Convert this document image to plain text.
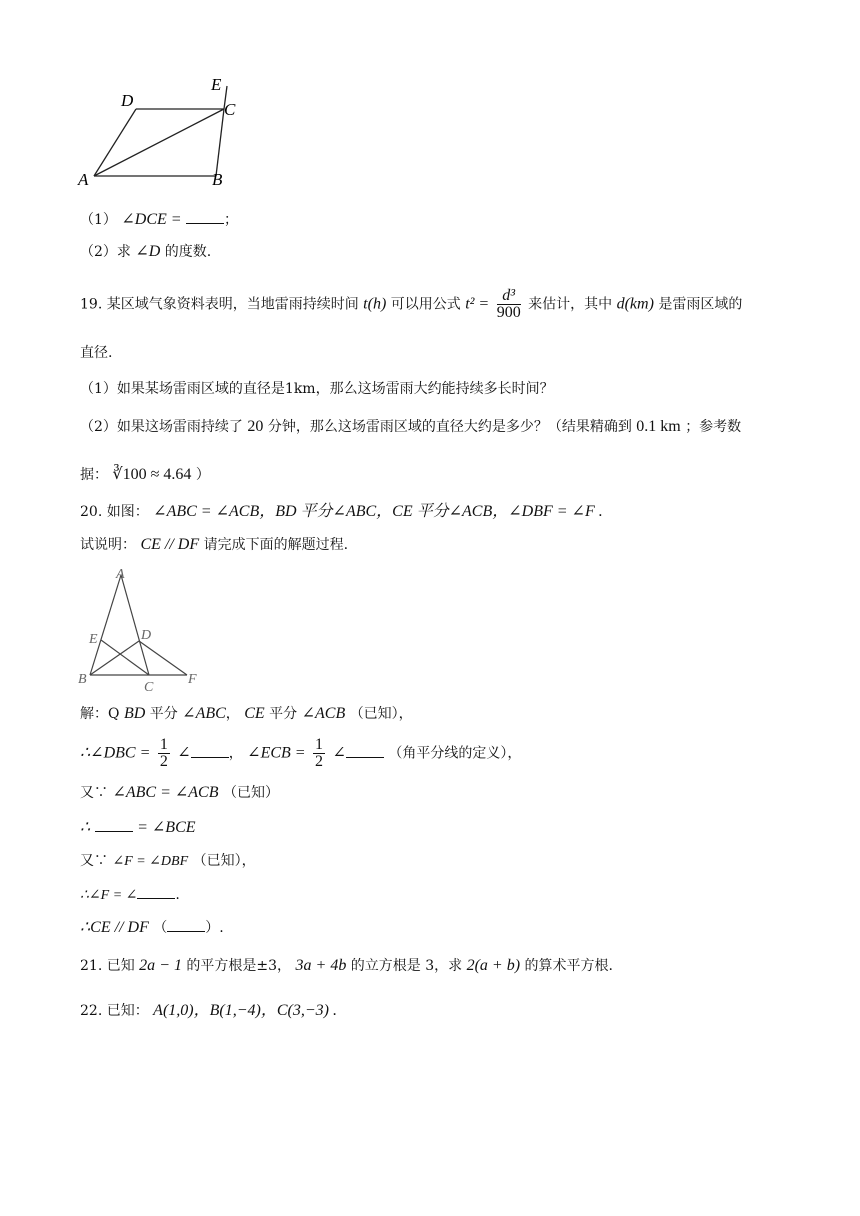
A	B
C
D
E
（1） ∠DCE =	；
（2）求 ∠D 的度数.
19. 某区域气象资料表明，当地雷雨持续时间 t(h) 可以用公式 $t^2 = \frac{\text{d³}}{900}$ 来估计，其中 d(km) 是雷雨区域的
直径.
（1）如果某场雷雨区域的直径是1km，那么这场雷雨大约能持续多长时间？
（2）如果这场雷雨持续了 20 分钟，那么这场雷雨区域的直径大约是多少？（结果精确到 0.1 km ；参考数
据： ∛100 ≈ 4.64 ）
20. 如图： ∠ABC = ∠ACB，BD 平分∠ABC，CE 平分∠ACB，∠DBF = ∠F .
试说明： CE // DF 请完成下面的解题过程.
A
E	D
B
C
F
解：Q BD 平分 ∠ABC， CE 平分 ∠ACB （已知），
∴∠DBC = $\frac{1}{2}$ ∠	， ∠ECB = $\frac{1}{2}$ ∠	（角平分线的定义），
又∵ ∠ABC = ∠ACB （已知）
∴	= ∠BCE
又∵ ∠F = ∠DBF （已知），
∴∠F = ∠	.
∴CE // DF （	）.
21. 已知 2a − 1 的平方根是±3， 3a + 4b 的立方根是 3，求 2(a + b) 的算术平方根.
22. 已知： A(1,0)，B(1,−4)，C(3,−3) .
